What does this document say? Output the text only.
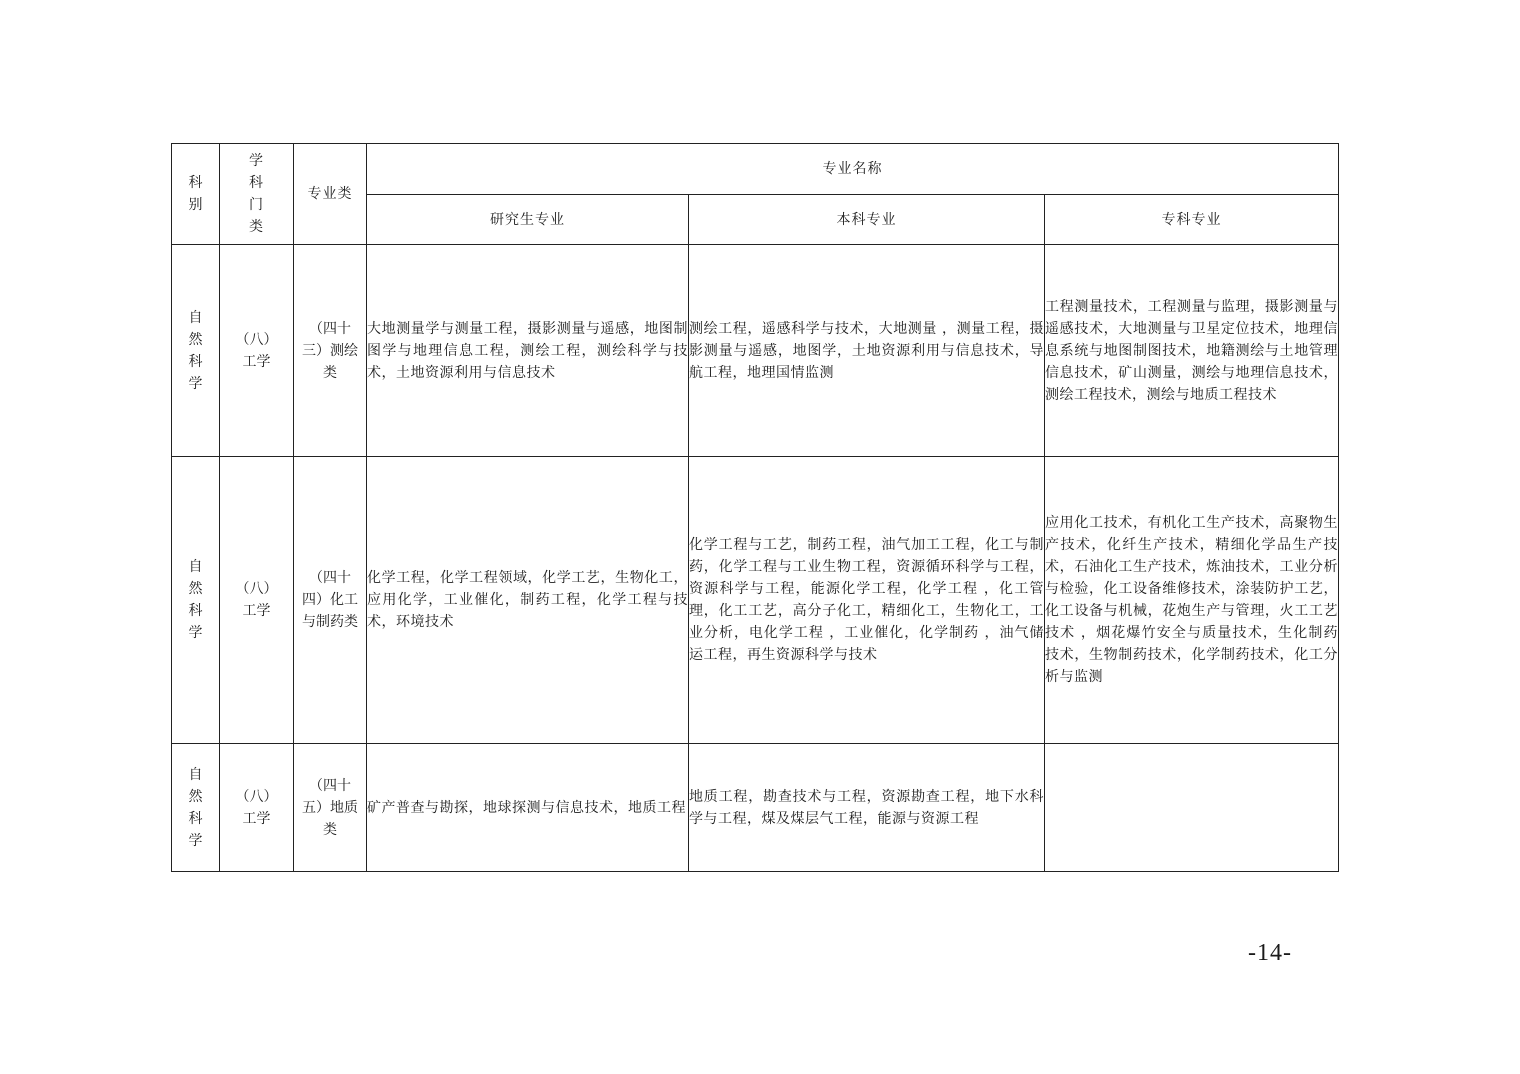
科别	学科门类	专业类	专业名称		
			研究生专业	本科专业	专科专业
自然科学	（八）工学	（四十三）测绘类	大地测量学与测量工程，摄影测量与遥感，地图制图学与地理信息工程，测绘工程，测绘科学与技术，土地资源利用与信息技术	测绘工程，遥感科学与技术，大地测量 ，测量工程，摄影测量与遥感，地图学，土地资源利用与信息技术，导航工程，地理国情监测	工程测量技术，工程测量与监理，摄影测量与遥感技术，大地测量与卫星定位技术，地理信息系统与地图制图技术，地籍测绘与土地管理信息技术，矿山测量，测绘与地理信息技术，测绘工程技术，测绘与地质工程技术
自然科学	（八）工学	（四十四）化工与制药类	化学工程，化学工程领域，化学工艺，生物化工，应用化学，工业催化，制药工程，化学工程与技术，环境技术	化学工程与工艺，制药工程，油气加工工程，化工与制药，化学工程与工业生物工程，资源循环科学与工程，资源科学与工程，能源化学工程，化学工程 ，化工管理，化工工艺，高分子化工，精细化工，生物化工，工业分析，电化学工程 ，工业催化，化学制药 ，油气储运工程，再生资源科学与技术	应用化工技术，有机化工生产技术，高聚物生产技术，化纤生产技术，精细化学品生产技术，石油化工生产技术，炼油技术，工业分析与检验，化工设备维修技术，涂装防护工艺，化工设备与机械，花炮生产与管理，火工工艺技术 ，烟花爆竹安全与质量技术，生化制药技术，生物制药技术，化学制药技术，化工分析与监测
自然科学	（八）工学	（四十五）地质类	矿产普查与勘探，地球探测与信息技术，地质工程	地质工程，勘查技术与工程，资源勘查工程，地下水科学与工程，煤及煤层气工程，能源与资源工程	
-14-
